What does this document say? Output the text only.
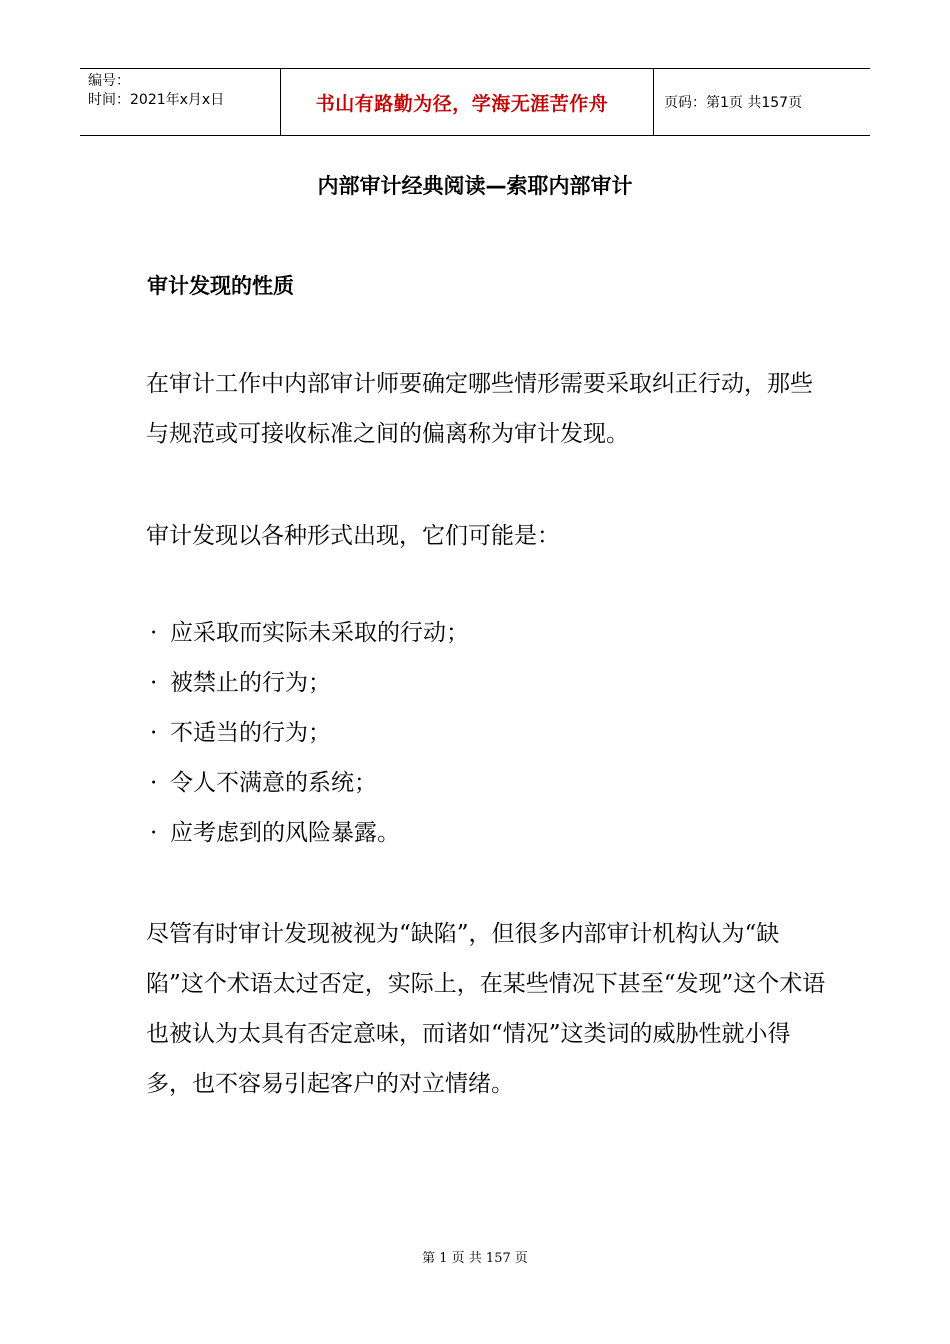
编号：
时间：2021年x月x日	书山有路勤为径，学海无涯苦作舟	页码：第1页 共157页
内部审计经典阅读—索耶内部审计
审计发现的性质

在审计工作中内部审计师要确定哪些情形需要采取纠正行动，那些与规范或可接收标准之间的偏离称为审计发现。

审计发现以各种形式出现，它们可能是：

· 应采取而实际未采取的行动；
· 被禁止的行为；
· 不适当的行为；
· 令人不满意的系统；
· 应考虑到的风险暴露。

尽管有时审计发现被视为“缺陷”，但很多内部审计机构认为“缺陷”这个术语太过否定，实际上，在某些情况下甚至“发现”这个术语也被认为太具有否定意味，而诸如“情况”这类词的威胁性就小得多，也不容易引起客户的对立情绪。

第 1 页 共 157 页
